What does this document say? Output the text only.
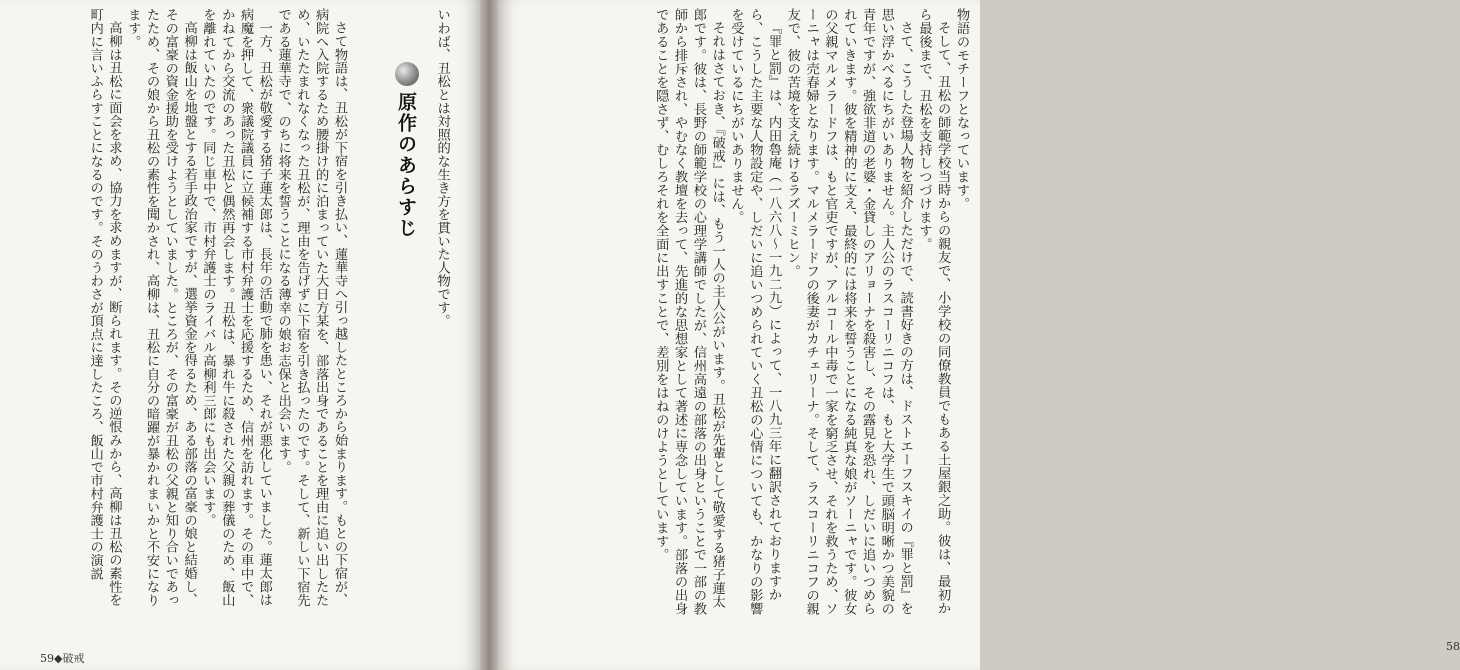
いわば、丑松とは対照的な生き方を貫いた人物です。

原作のあらすじ

さて物語は、丑松が下宿を引き払い、蓮華寺へ引っ越したところから始まります。もとの下宿が、病院へ入院するため腰掛け的に泊まっていた大日方某を、部落出身であることを理由に追い出したため、いたたまれなくなった丑松が、理由を告げずに下宿を引き払ったのです。そして、新しい下宿先である蓮華寺で、のちに将来を誓うことになる薄幸の娘お志保と出会います。

一方、丑松が敬愛する猪子蓮太郎は、長年の活動で肺を患い、それが悪化していました。蓮太郎は病魔を押して、衆議院議員に立候補する市村弁護士を応援するため、信州を訪れます。その車中で、かねてから交流のあった丑松と偶然再会します。丑松は、暴れ牛に殺された父親の葬儀のため、飯山を離れていたのです。同じ車中で、市村弁護士のライバル高柳利三郎にも出会います。

高柳は飯山を地盤とする若手政治家ですが、選挙資金を得るため、ある部落の富豪の娘と結婚し、その富豪の資金援助を受けようとしていました。ところが、その富豪が丑松の父親と知り合いであったため、その娘から丑松の素性を聞かされ、高柳は、丑松に自分の暗躍が暴かれまいかと不安になります。

高柳は丑松に面会を求め、協力を求めますが、断られます。その逆恨みから、高柳は丑松の素性を町内に言いふらすことになるのです。そのうわさが頂点に達したころ、飯山で市村弁護士の演説

59◆破戒

物語のモチーフとなっています。

そして、丑松の師範学校当時からの親友で、小学校の同僚教員でもある土屋銀之助。彼は、最初から最後まで、丑松を支持しつづけます。

さて、こうした登場人物を紹介しただけで、読書好きの方は、ドストエーフスキイの『罪と罰』を思い浮かべるにちがいありません。主人公のラスコーリニコフは、もと大学生で頭脳明晰かつ美貌の青年ですが、強欲非道の老婆・金貸しのアリョーナを殺害し、その露見を恐れ、しだいに追いつめられていきます。彼を精神的に支え、最終的には将来を誓うことになる純真な娘がソーニャです。彼女の父親マルメラードフは、もと官吏ですが、アルコール中毒で一家を窮乏させ、それを救うため、ソーニャは売春婦となります。マルメラードフの後妻がカチェリーナ。そして、ラスコーリニコフの親友で、彼の苦境を支え続けるラズーミヒン。

『罪と罰』は、内田魯庵（一八六八〜一九二九）によって、一八九三年に翻訳されておりますから、こうした主要な人物設定や、しだいに追いつめられていく丑松の心情についても、かなりの影響を受けているにちがいありません。

それはさておき、『破戒』には、もう一人の主人公がいます。丑松が先輩として敬愛する猪子蓮太郎です。彼は、長野の師範学校の心理学講師でしたが、信州高遠の部落の出身ということで一部の教師から排斥され、やむなく教壇を去って、先進的な思想家として著述に専念しています。部落の出身であることを隠さず、むしろそれを全面に出すことで、差別をはねのけようとしています。

58
